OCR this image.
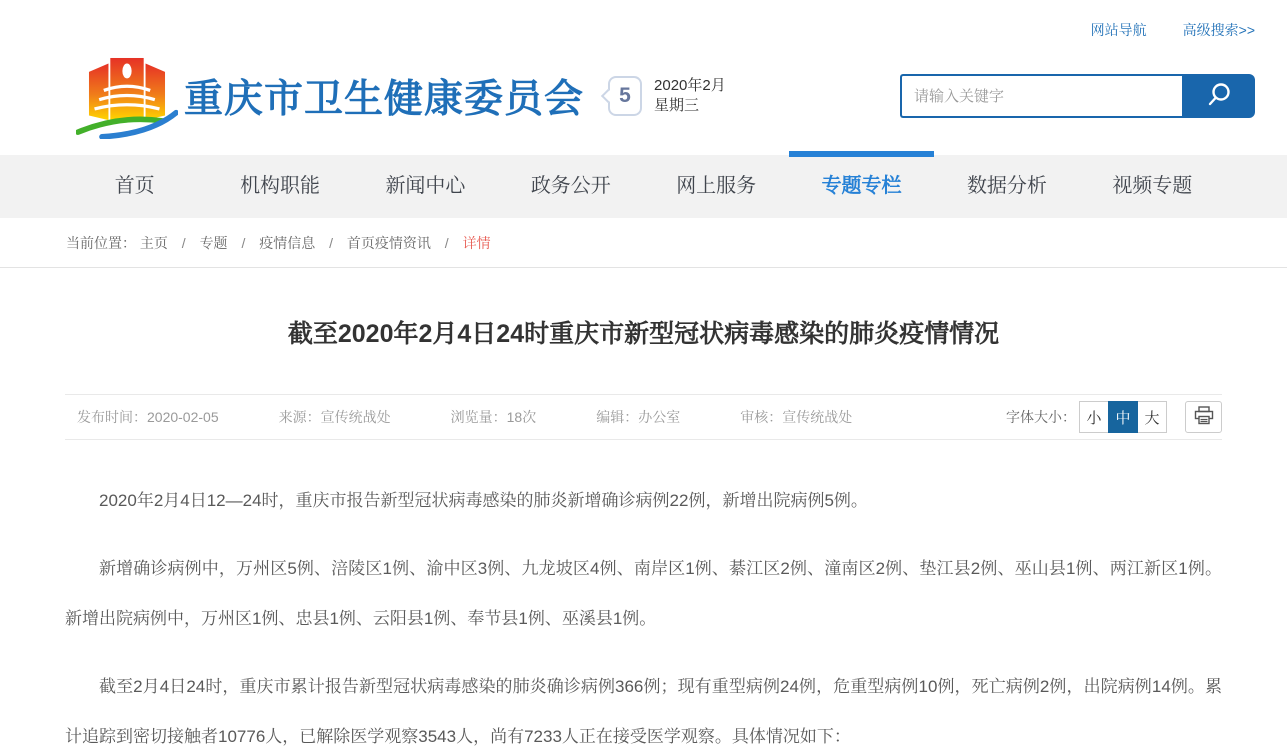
网站导航	高级搜索>>
重庆市卫生健康委员会 5 2020年2月
星期三
请输入关键字
首页	机构职能	新闻中心	政务公开	网上服务	专题专栏	数据分析	视频专题
当前位置： 主页 / 专题 / 疫情信息 / 首页疫情资讯 / 详情
截至2020年2月4日24时重庆市新型冠状病毒感染的肺炎疫情情况
发布时间：2020-02-05	来源：宣传统战处	浏览量：18次	编辑：办公室	审核：宣传统战处	字体大小： 小 中 大

2020年2月4日12—24时，重庆市报告新型冠状病毒感染的肺炎新增确诊病例22例，新增出院病例5例。

新增确诊病例中，万州区5例、涪陵区1例、渝中区3例、九龙坡区4例、南岸区1例、綦江区2例、潼南区2例、垫江县2例、巫山县1例、两江新区1例。新增出院病例中，万州区1例、忠县1例、云阳县1例、奉节县1例、巫溪县1例。

截至2月4日24时，重庆市累计报告新型冠状病毒感染的肺炎确诊病例366例；现有重型病例24例，危重型病例10例，死亡病例2例，出院病例14例。累计追踪到密切接触者10776人，已解除医学观察3543人，尚有7233人正在接受医学观察。具体情况如下：
